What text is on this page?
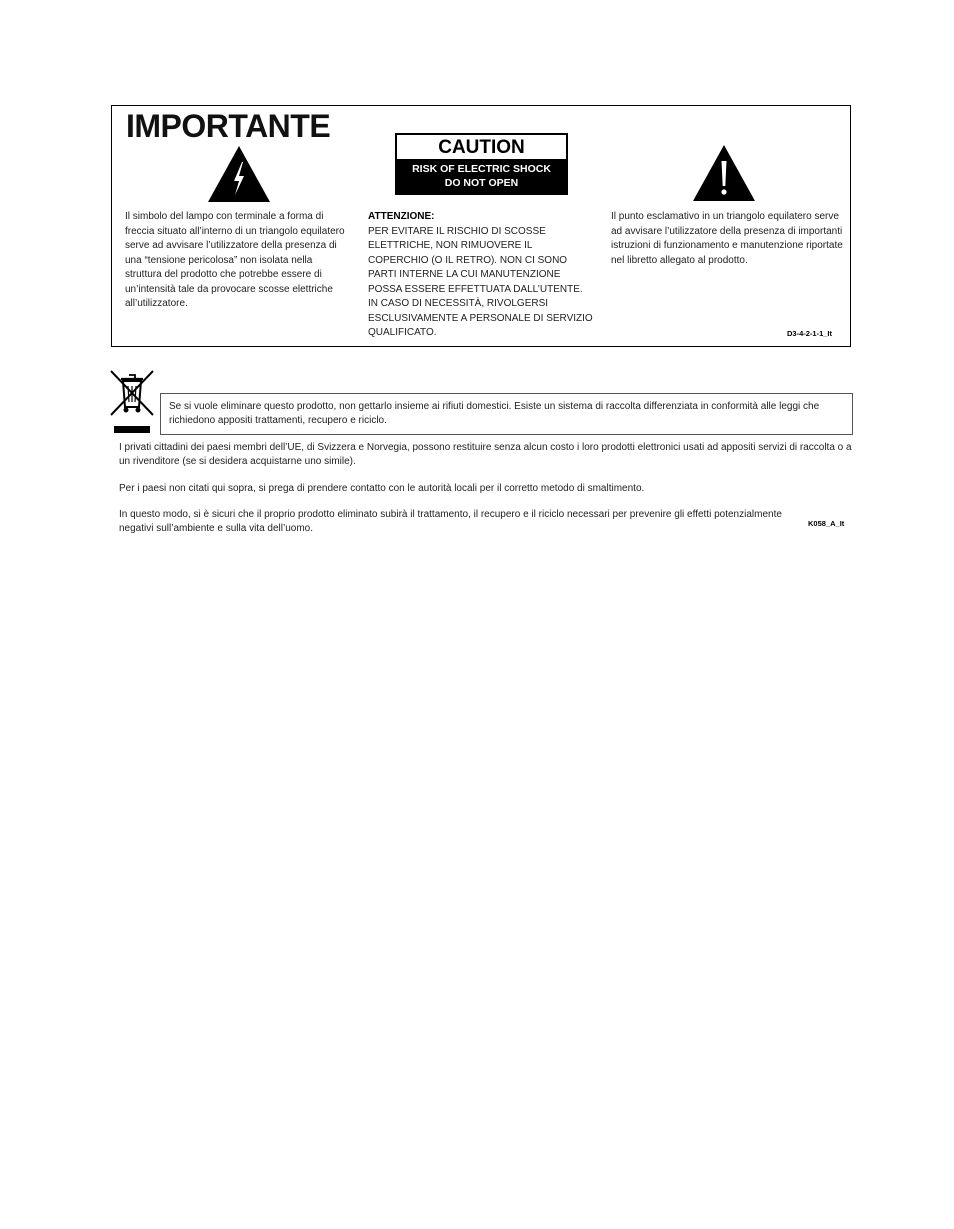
IMPORTANTE
CAUTION
RISK OF ELECTRIC SHOCK
DO NOT OPEN
Il simbolo del lampo con terminale a forma di freccia situato all’interno di un triangolo equilatero serve ad avvisare l’utilizzatore della presenza di una “tensione pericolosa” non isolata nella struttura del prodotto che potrebbe essere di un’intensità tale da provocare scosse elettriche all’utilizzatore.
ATTENZIONE:
PER EVITARE IL RISCHIO DI SCOSSE ELETTRICHE, NON RIMUOVERE IL COPERCHIO (O IL RETRO). NON CI SONO PARTI INTERNE LA CUI MANUTENZIONE POSSA ESSERE EFFETTUATA DALL’UTENTE. IN CASO DI NECESSITÀ, RIVOLGERSI ESCLUSIVAMENTE A PERSONALE DI SERVIZIO QUALIFICATO.
Il punto esclamativo in un triangolo equilatero serve ad avvisare l’utilizzatore della presenza di importanti istruzioni di funzionamento e manutenzione riportate nel libretto allegato al prodotto.
D3-4-2-1-1_It
Se si vuole eliminare questo prodotto, non gettarlo insieme ai rifiuti domestici. Esiste un sistema di raccolta differenziata in conformità alle leggi che richiedono appositi trattamenti, recupero e riciclo.
I privati cittadini dei paesi membri dell’UE, di Svizzera e Norvegia, possono restituire senza alcun costo i loro prodotti elettronici usati ad appositi servizi di raccolta o a un rivenditore (se si desidera acquistarne uno simile).
Per i paesi non citati qui sopra, si prega di prendere contatto con le autorità locali per il corretto metodo di smaltimento.
In questo modo, si è sicuri che il proprio prodotto eliminato subirà il trattamento, il recupero e il riciclo necessari per prevenire gli effetti potenzialmente negativi sull’ambiente e sulla vita dell’uomo.	K058_A_It
